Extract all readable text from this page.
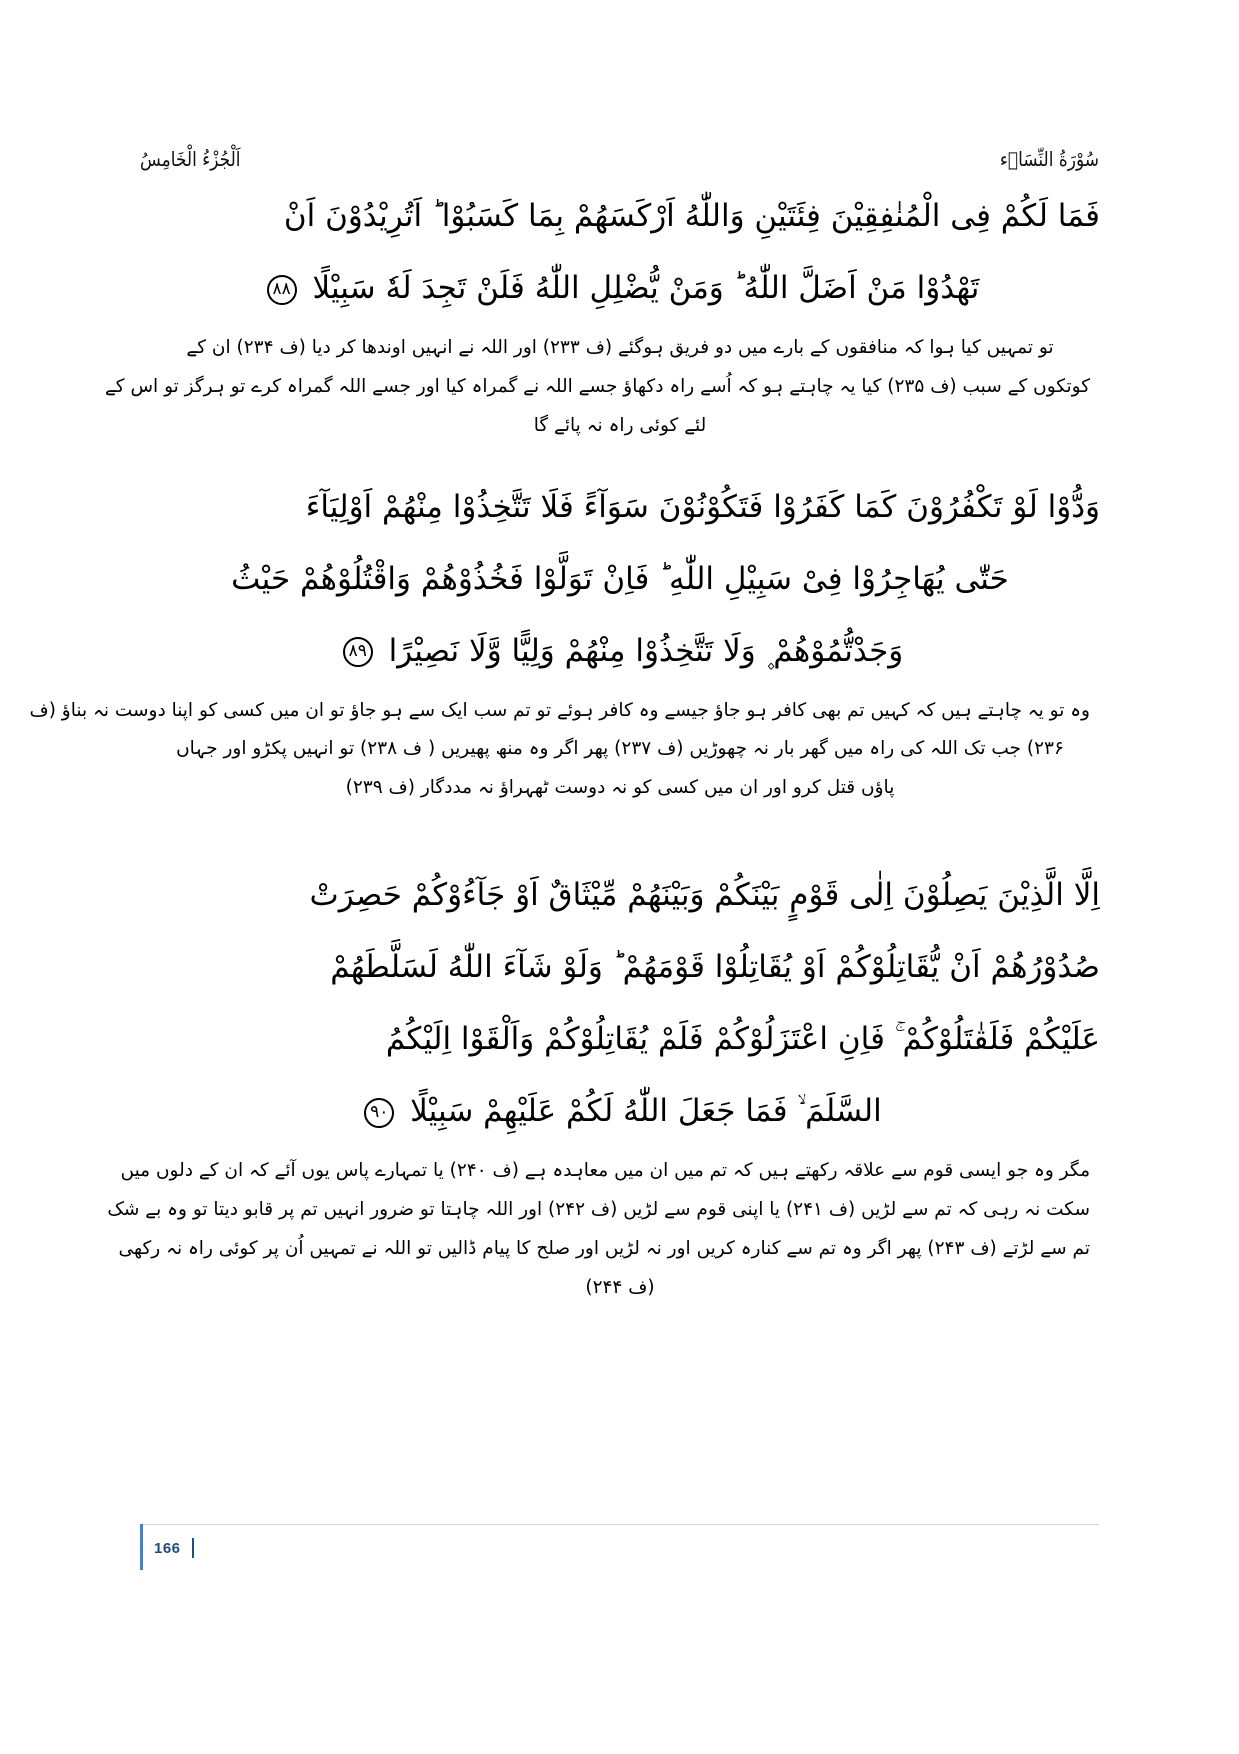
اَلْجُزْءُ الْخَامِسُ	سُوْرَةُ النِّسَاۤء
فَمَا لَكُمْ فِى الْمُنٰفِقِيْنَ فِئَتَيْنِ وَاللّٰهُ اَرْكَسَهُمْ بِمَا كَسَبُوْا ؕ اَتُرِيْدُوْنَ اَنْ
تَهْدُوْا مَنْ اَضَلَّ اللّٰهُ ؕ وَمَنْ يُّضْلِلِ اللّٰهُ فَلَنْ تَجِدَ لَهٗ سَبِيْلًا ٨٨
تو تمہیں کیا ہوا کہ منافقوں کے بارے میں دو فریق ہوگئے (ف ۲۳۳) اور اللہ نے انہیں اوندھا کر دیا (ف ۲۳۴) ان کے
کوتکوں کے سبب (ف ۲۳۵) کیا یہ چاہتے ہو کہ اُسے راہ دکھاؤ جسے اللہ نے گمراہ کیا اور جسے اللہ گمراہ کرے تو ہرگز تو اس کے
لئے کوئی راہ نہ پائے گا
وَدُّوْا لَوْ تَكْفُرُوْنَ كَمَا كَفَرُوْا فَتَكُوْنُوْنَ سَوَآءً فَلَا تَتَّخِذُوْا مِنْهُمْ اَوْلِيَآءَ
حَتّٰى يُهَاجِرُوْا فِىْ سَبِيْلِ اللّٰهِ ؕ فَاِنْ تَوَلَّوْا فَخُذُوْهُمْ وَاقْتُلُوْهُمْ حَيْثُ
وَجَدْتُّمُوْهُمْ ۪ وَلَا تَتَّخِذُوْا مِنْهُمْ وَلِيًّا وَّلَا نَصِيْرًا ٨٩
وہ تو یہ چاہتے ہیں کہ کہیں تم بھی کافر ہو جاؤ جیسے وہ کافر ہوئے تو تم سب ایک سے ہو جاؤ تو ان میں کسی کو اپنا دوست نہ بناؤ (ف
۲۳۶) جب تک اللہ کی راہ میں گھر بار نہ چھوڑیں (ف ۲۳۷) پھر اگر وہ منھ پھیریں ( ف ۲۳۸) تو انہیں پکڑو اور جہاں
پاؤں قتل کرو اور ان میں کسی کو نہ دوست ٹھہراؤ نہ مددگار (ف ۲۳۹)
اِلَّا الَّذِيْنَ يَصِلُوْنَ اِلٰى قَوْمٍ بَيْنَكُمْ وَبَيْنَهُمْ مِّيْثَاقٌ اَوْ جَآءُوْكُمْ حَصِرَتْ
صُدُوْرُهُمْ اَنْ يُّقَاتِلُوْكُمْ اَوْ يُقَاتِلُوْا قَوْمَهُمْ ؕ وَلَوْ شَآءَ اللّٰهُ لَسَلَّطَهُمْ
عَلَيْكُمْ فَلَقٰتَلُوْكُمْ ۚ فَاِنِ اعْتَزَلُوْكُمْ فَلَمْ يُقَاتِلُوْكُمْ وَاَلْقَوْا اِلَيْكُمُ
السَّلَمَ ۙ فَمَا جَعَلَ اللّٰهُ لَكُمْ عَلَيْهِمْ سَبِيْلًا ٩٠
مگر وہ جو ایسی قوم سے علاقہ رکھتے ہیں کہ تم میں ان میں معاہدہ ہے (ف ۲۴۰) یا تمہارے پاس یوں آئے کہ ان کے دلوں میں
سکت نہ رہی کہ تم سے لڑیں (ف ۲۴۱) یا اپنی قوم سے لڑیں (ف ۲۴۲) اور اللہ چاہتا تو ضرور انہیں تم پر قابو دیتا تو وہ بے شک
تم سے لڑتے (ف ۲۴۳) پھر اگر وہ تم سے کنارہ کریں اور نہ لڑیں اور صلح کا پیام ڈالیں تو اللہ نے تمہیں اُن پر کوئی راہ نہ رکھی
(ف ۲۴۴)
166
